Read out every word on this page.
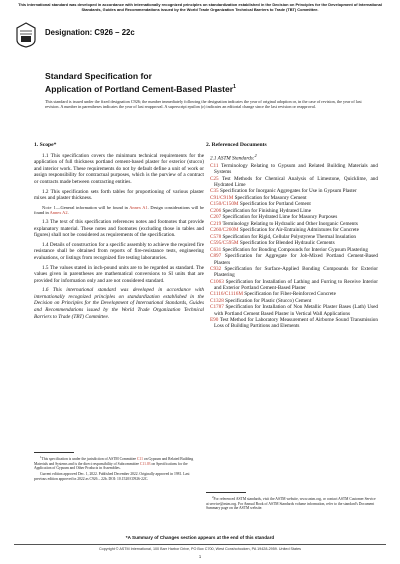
This international standard was developed in accordance with internationally recognized principles on standardization established in the Decision on Principles for the Development of International Standards, Guides and Recommendations issued by the World Trade Organization Technical Barriers to Trade (TBT) Committee.
Designation: C926 – 22c
Standard Specification for
Application of Portland Cement-Based Plaster$^1$
This standard is issued under the fixed designation C926; the number immediately following the designation indicates the year of original adoption or, in the case of revision, the year of last revision. A number in parentheses indicates the year of last reapproval. A superscript epsilon (ε) indicates an editorial change since the last revision or reapproval.
1. Scope*

1.1 This specification covers the minimum technical requirements for the application of full thickness portland cement-based plaster for exterior (stucco) and interior work. These requirements do not by default define a unit of work or assign responsibility for contractual purposes, which is the purview of a contract or contracts made between contracting entities.

1.2 This specification sets forth tables for proportioning of various plaster mixes and plaster thickness.

Note 1—General information will be found in Annex A1. Design considerations will be found in Annex A2.

1.3 The text of this specification references notes and footnotes that provide explanatory material. These notes and footnotes (excluding those in tables and figures) shall not be considered as requirements of the specification.

1.4 Details of construction for a specific assembly to achieve the required fire resistance shall be obtained from reports of fire-resistance tests, engineering evaluations, or listings from recognized fire testing laboratories.

1.5 The values stated in inch-pound units are to be regarded as standard. The values given in parentheses are mathematical conversions to SI units that are provided for information only and are not considered standard.

1.6 This international standard was developed in accordance with internationally recognized principles on standardization established in the Decision on Principles for the Development of International Standards, Guides and Recommendations issued by the World Trade Organization Technical Barriers to Trade (TBT) Committee.

2. Referenced Documents
2.1 ASTM Standards:$^2$
C11 Terminology Relating to Gypsum and Related Building Materials and Systems
C25 Test Methods for Chemical Analysis of Limestone, Quicklime, and Hydrated Lime
C35 Specification for Inorganic Aggregates for Use in Gypsum Plaster
C91/C91M Specification for Masonry Cement
C150/C150M Specification for Portland Cement
C206 Specification for Finishing Hydrated Lime
C207 Specification for Hydrated Lime for Masonry Purposes
C219 Terminology Relating to Hydraulic and Other Inorganic Cements
C260/C260M Specification for Air-Entraining Admixtures for Concrete
C578 Specification for Rigid, Cellular Polystyrene Thermal Insulation
C595/C595M Specification for Blended Hydraulic Cements
C631 Specification for Bonding Compounds for Interior Gypsum Plastering
C897 Specification for Aggregate for Job-Mixed Portland Cement-Based Plasters
C932 Specification for Surface-Applied Bonding Compounds for Exterior Plastering
C1063 Specification for Installation of Lathing and Furring to Receive Interior and Exterior Portland Cement-Based Plaster
C1116/C1116M Specification for Fiber-Reinforced Concrete
C1328 Specification for Plastic (Stucco) Cement
C1787 Specification for Installation of Non Metallic Plaster Bases (Lath) Used with Portland Cement Based Plaster in Vertical Wall Applications
E90 Test Method for Laboratory Measurement of Airborne Sound Transmission Loss of Building Partitions and Elements
$^1$This specification is under the jurisdiction of ASTM Committee C11 on Gypsum and Related Building Materials and Systems and is the direct responsibility of Subcommittee C11.03 on Specifications for the Application of Gypsum and Other Products in Assemblies.
Current edition approved Dec. 1, 2022. Published December 2022. Originally approved in 1981. Last previous edition approved in 2022 as C926 – 22b. DOI: 10.1520/C0926-22C.
$^2$For referenced ASTM standards, visit the ASTM website, www.astm.org, or contact ASTM Customer Service at service@astm.org. For Annual Book of ASTM Standards volume information, refer to the standard's Document Summary page on the ASTM website.
*A Summary of Changes section appears at the end of this standard
Copyright © ASTM International, 100 Barr Harbor Drive, PO Box C700, West Conshohocken, PA 19428-2959. United States
1
